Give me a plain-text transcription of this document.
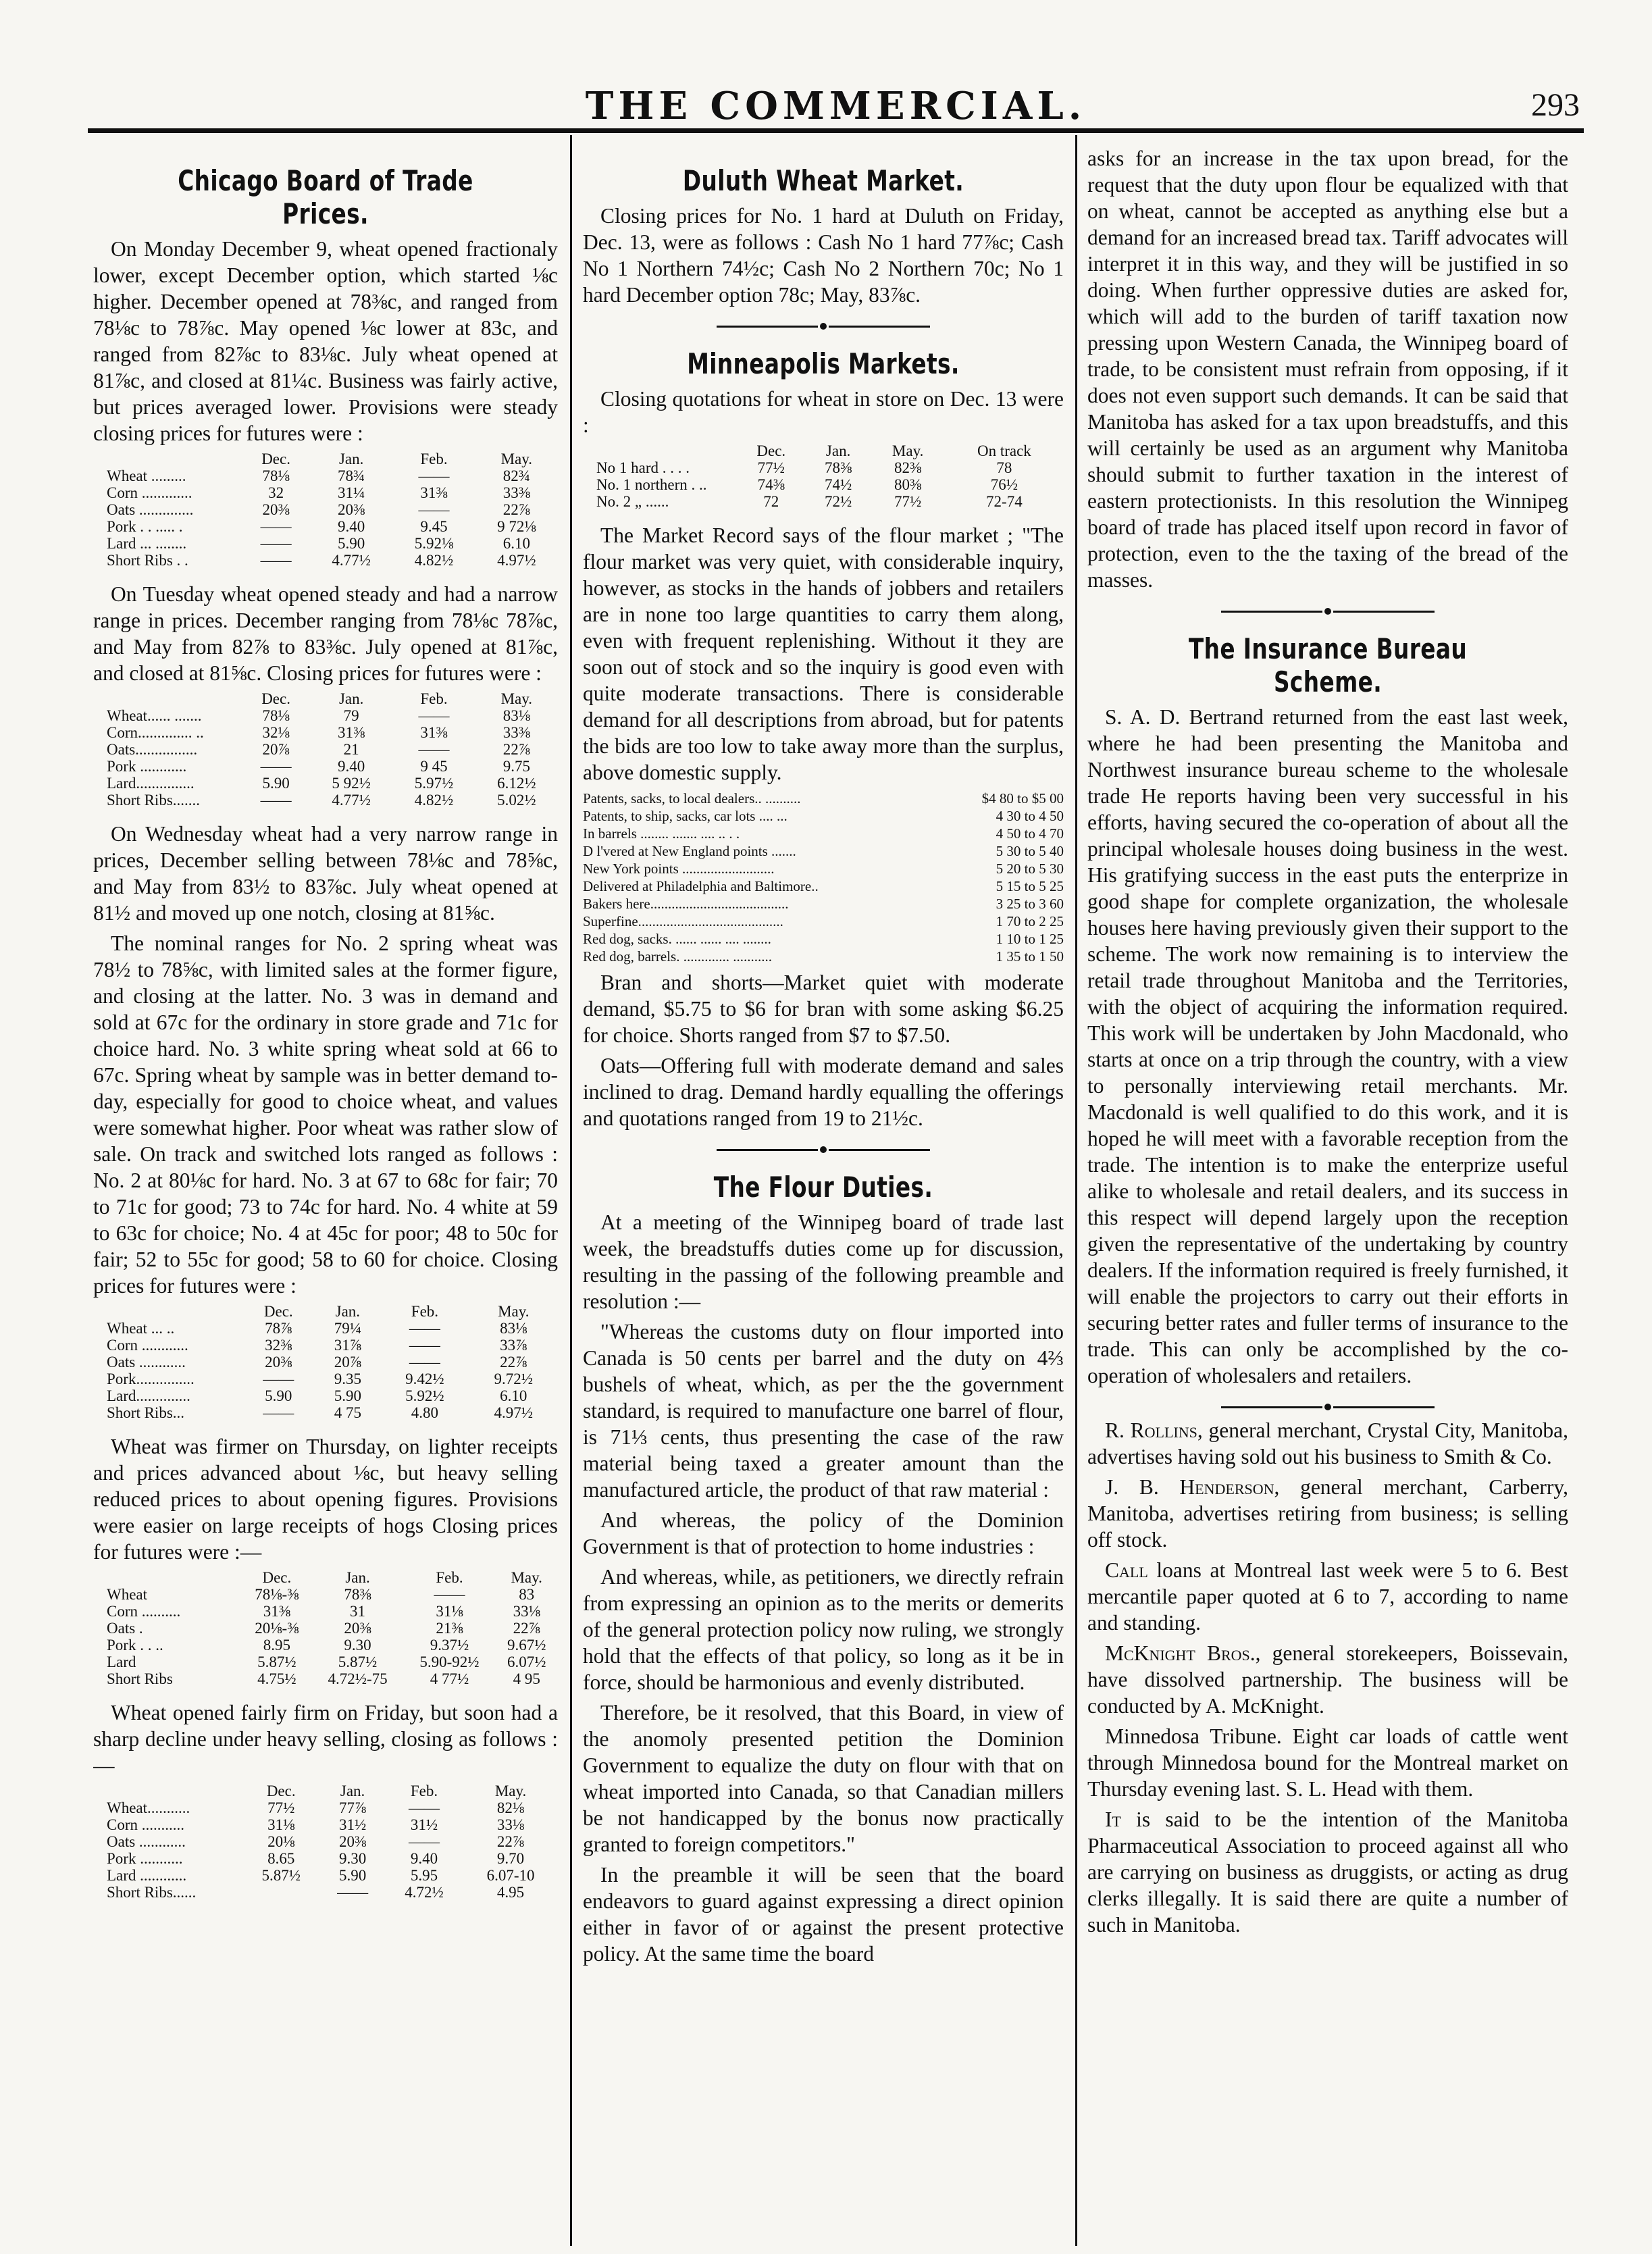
THE COMMERCIAL.	293
Chicago Board of Trade Prices.

On Monday December 9, wheat opened fractionaly lower, except December option, which started ⅛c higher. December opened at 78⅜c, and ranged from 78⅛c to 78⅞c. May opened ⅛c lower at 83c, and ranged from 82⅞c to 83⅛c. July wheat opened at 81⅞c, and closed at 81¼c. Business was fairly active, but prices averaged lower. Provisions were steady closing prices for futures were :

	Dec.	Jan.	Feb.	May.
Wheat .........	78⅛	78¾	——	82¾
Corn .............	32	31¼	31⅜	33⅜
Oats ..............	20⅜	20⅜	——	22⅞
Pork . . ..... .	——	9.40	9.45	9 72⅛
Lard ... ........	——	5.90	5.92⅛	6.10
Short Ribs . .	——	4.77½	4.82½	4.97½

On Tuesday wheat opened steady and had a narrow range in prices. December ranging from 78⅛c 78⅞c, and May from 82⅞ to 83⅜c. July opened at 81⅞c, and closed at 81⅝c. Closing prices for futures were :

	Dec.	Jan.	Feb.	May.
Wheat...... .......	78⅛	79	——	83⅛
Corn.............. ..	32⅛	31⅜	31⅜	33⅜
Oats................	20⅞	21	——	22⅞
Pork ............	——	9.40	9 45	9.75
Lard...............	5.90	5 92½	5.97½	6.12½
Short Ribs.......	——	4.77½	4.82½	5.02½

On Wednesday wheat had a very narrow range in prices, December selling between 78⅛c and 78⅝c, and May from 83½ to 83⅞c. July wheat opened at 81½ and moved up one notch, closing at 81⅝c.

The nominal ranges for No. 2 spring wheat was 78½ to 78⅝c, with limited sales at the former figure, and closing at the latter. No. 3 was in demand and sold at 67c for the ordinary in store grade and 71c for choice hard. No. 3 white spring wheat sold at 66 to 67c. Spring wheat by sample was in better demand to-day, especially for good to choice wheat, and values were somewhat higher. Poor wheat was rather slow of sale. On track and switched lots ranged as follows : No. 2 at 80⅛c for hard. No. 3 at 67 to 68c for fair; 70 to 71c for good; 73 to 74c for hard. No. 4 white at 59 to 63c for choice; No. 4 at 45c for poor; 48 to 50c for fair; 52 to 55c for good; 58 to 60 for choice. Closing prices for futures were :

	Dec.	Jan.	Feb.	May.
Wheat ... ..	78⅞	79¼	——	83⅛
Corn ............	32⅜	31⅞	——	33⅞
Oats ............	20⅜	20⅞	——	22⅞
Pork...............	——	9.35	9.42½	9.72½
Lard..............	5.90	5.90	5.92½	6.10
Short Ribs...	——	4 75	4.80	4.97½

Wheat was firmer on Thursday, on lighter receipts and prices advanced about ⅛c, but heavy selling reduced prices to about opening figures. Provisions were easier on large receipts of hogs Closing prices for futures were :—

	Dec.	Jan.	Feb.	May.
Wheat	78⅛-⅜	78⅜	——	83
Corn ..........	31⅜	31	31⅛	33⅛
Oats .	20⅛-⅜	20⅜	21⅜	22⅞
Pork . . ..	8.95	9.30	9.37½	9.67½
Lard	5.87½	5.87½	5.90-92½	6.07½
Short Ribs	4.75½	4.72½-75	4 77½	4 95

Wheat opened fairly firm on Friday, but soon had a sharp decline under heavy selling, closing as follows :—

	Dec.	Jan.	Feb.	May.
Wheat...........	77½	77⅞	——	82⅛
Corn ...........	31⅛	31½	31½	33⅛
Oats ............	20⅛	20⅜	——	22⅞
Pork ...........	8.65	9.30	9.40	9.70
Lard ............	5.87½	5.90	5.95	6.07-10
Short Ribs......		——	4.72½	4.95
Duluth Wheat Market.

Closing prices for No. 1 hard at Duluth on Friday, Dec. 13, were as follows : Cash No 1 hard 77⅞c; Cash No 1 Northern 74½c; Cash No 2 Northern 70c; No 1 hard December option 78c; May, 83⅞c.

Minneapolis Markets.

Closing quotations for wheat in store on Dec. 13 were :

	Dec.	Jan.	May.	On track
No 1 hard . . . .	77½	78⅜	82⅜	78
No. 1 northern . ..	74⅜	74½	80⅜	76½
No. 2 „ ......	72	72½	77½	72-74

The Market Record says of the flour market ; "The flour market was very quiet, with considerable inquiry, however, as stocks in the hands of jobbers and retailers are in none too large quantities to carry them along, even with frequent replenishing. Without it they are soon out of stock and so the inquiry is good even with quite moderate transactions. There is considerable demand for all descriptions from abroad, but for patents the bids are too low to take away more than the surplus, above domestic supply.

Patents, sacks, to local dealers.. ..........	$4 80 to $5 00
Patents, to ship, sacks, car lots .... ...	4 30 to 4 50
In barrels ........ ....... .... .. . .	4 50 to 4 70
D l'vered at New England points .......	5 30 to 5 40
New York points ..........................	5 20 to 5 30
Delivered at Philadelphia and Baltimore..	5 15 to 5 25
Bakers here.......................................	3 25 to 3 60
Superfine.........................................	1 70 to 2 25
Red dog, sacks. ...... ...... .... ........	1 10 to 1 25
Red dog, barrels. ............. ...........	1 35 to 1 50

Bran and shorts—Market quiet with moderate demand, $5.75 to $6 for bran with some asking $6.25 for choice. Shorts ranged from $7 to $7.50.

Oats—Offering full with moderate demand and sales inclined to drag. Demand hardly equalling the offerings and quotations ranged from 19 to 21½c.

The Flour Duties.

At a meeting of the Winnipeg board of trade last week, the breadstuffs duties come up for discussion, resulting in the passing of the following preamble and resolution :—

"Whereas the customs duty on flour imported into Canada is 50 cents per barrel and the duty on 4⅔ bushels of wheat, which, as per the the government standard, is required to manufacture one barrel of flour, is 71⅓ cents, thus presenting the case of the raw material being taxed a greater amount than the manufactured article, the product of that raw material :

And whereas, the policy of the Dominion Government is that of protection to home industries :

And whereas, while, as petitioners, we directly refrain from expressing an opinion as to the merits or demerits of the general protection policy now ruling, we strongly hold that the effects of that policy, so long as it be in force, should be harmonious and evenly distributed.

Therefore, be it resolved, that this Board, in view of the anomoly presented petition the Dominion Government to equalize the duty on flour with that on wheat imported into Canada, so that Canadian millers be not handicapped by the bonus now practically granted to foreign competitors."

In the preamble it will be seen that the board endeavors to guard against expressing a direct opinion either in favor of or against the present protective policy. At the same time the board

asks for an increase in the tax upon bread, for the request that the duty upon flour be equalized with that on wheat, cannot be accepted as anything else but a demand for an increased bread tax. Tariff advocates will interpret it in this way, and they will be justified in so doing. When further oppressive duties are asked for, which will add to the burden of tariff taxation now pressing upon Western Canada, the Winnipeg board of trade, to be consistent must refrain from opposing, if it does not even support such demands. It can be said that Manitoba has asked for a tax upon breadstuffs, and this will certainly be used as an argument why Manitoba should submit to further taxation in the interest of eastern protectionists. In this resolution the Winnipeg board of trade has placed itself upon record in favor of protection, even to the the taxing of the bread of the masses.

The Insurance Bureau Scheme.

S. A. D. Bertrand returned from the east last week, where he had been presenting the Manitoba and Northwest insurance bureau scheme to the wholesale trade He reports having been very successful in his efforts, having secured the co-operation of about all the principal wholesale houses doing business in the west. His gratifying success in the east puts the enterprize in good shape for complete organization, the wholesale houses here having previously given their support to the scheme. The work now remaining is to interview the retail trade throughout Manitoba and the Territories, with the object of acquiring the information required. This work will be undertaken by John Macdonald, who starts at once on a trip through the country, with a view to personally interviewing retail merchants. Mr. Macdonald is well qualified to do this work, and it is hoped he will meet with a favorable reception from the trade. The intention is to make the enterprize useful alike to wholesale and retail dealers, and its success in this respect will depend largely upon the reception given the representative of the undertaking by country dealers. If the information required is freely furnished, it will enable the projectors to carry out their efforts in securing better rates and fuller terms of insurance to the trade. This can only be accomplished by the co-operation of wholesalers and retailers.

R. Rollins, general merchant, Crystal City, Manitoba, advertises having sold out his business to Smith & Co.

J. B. Henderson, general merchant, Carberry, Manitoba, advertises retiring from business; is selling off stock.

Call loans at Montreal last week were 5 to 6. Best mercantile paper quoted at 6 to 7, according to name and standing.

McKnight Bros., general storekeepers, Boissevain, have dissolved partnership. The business will be conducted by A. McKnight.

Minnedosa Tribune. Eight car loads of cattle went through Minnedosa bound for the Montreal market on Thursday evening last. S. L. Head with them.

It is said to be the intention of the Manitoba Pharmaceutical Association to proceed against all who are carrying on business as druggists, or acting as drug clerks illegally. It is said there are quite a number of such in Manitoba.
